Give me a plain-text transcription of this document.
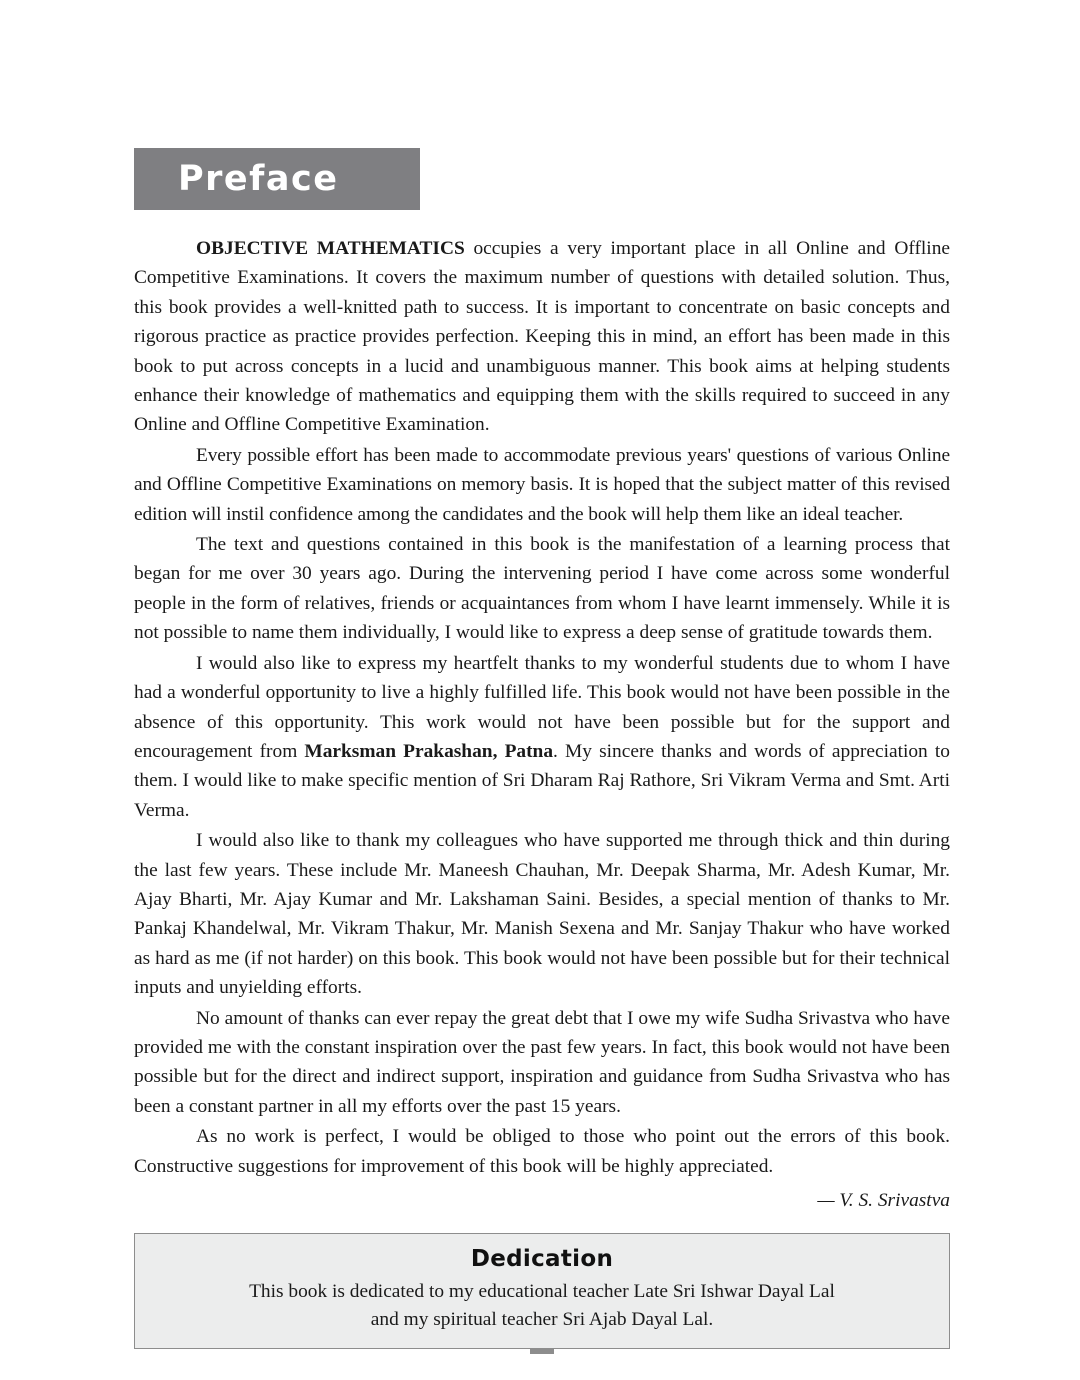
Preface

OBJECTIVE MATHEMATICS occupies a very important place in all Online and Offline Competitive Examinations. It covers the maximum number of questions with detailed solution. Thus, this book provides a well-knitted path to success. It is important to concentrate on basic concepts and rigorous practice as practice provides perfection. Keeping this in mind, an effort has been made in this book to put across concepts in a lucid and unambiguous manner. This book aims at helping students enhance their knowledge of mathematics and equipping them with the skills required to succeed in any Online and Offline Competitive Examination.

Every possible effort has been made to accommodate previous years' questions of various Online and Offline Competitive Examinations on memory basis. It is hoped that the subject matter of this revised edition will instil confidence among the candidates and the book will help them like an ideal teacher.

The text and questions contained in this book is the manifestation of a learning process that began for me over 30 years ago. During the intervening period I have come across some wonderful people in the form of relatives, friends or acquaintances from whom I have learnt immensely. While it is not possible to name them individually, I would like to express a deep sense of gratitude towards them.

I would also like to express my heartfelt thanks to my wonderful students due to whom I have had a wonderful opportunity to live a highly fulfilled life. This book would not have been possible in the absence of this opportunity. This work would not have been possible but for the support and encouragement from Marksman Prakashan, Patna. My sincere thanks and words of appreciation to them. I would like to make specific mention of Sri Dharam Raj Rathore, Sri Vikram Verma and Smt. Arti Verma.

I would also like to thank my colleagues who have supported me through thick and thin during the last few years. These include Mr. Maneesh Chauhan, Mr. Deepak Sharma, Mr. Adesh Kumar, Mr. Ajay Bharti, Mr. Ajay Kumar and Mr. Lakshaman Saini. Besides, a special mention of thanks to Mr. Pankaj Khandelwal, Mr. Vikram Thakur, Mr. Manish Sexena and Mr. Sanjay Thakur who have worked as hard as me (if not harder) on this book. This book would not have been possible but for their technical inputs and unyielding efforts.

No amount of thanks can ever repay the great debt that I owe my wife Sudha Srivastva who have provided me with the constant inspiration over the past few years. In fact, this book would not have been possible but for the direct and indirect support, inspiration and guidance from Sudha Srivastva who has been a constant partner in all my efforts over the past 15 years.

As no work is perfect, I would be obliged to those who point out the errors of this book. Constructive suggestions for improvement of this book will be highly appreciated.

— V. S. Srivastva

Dedication
This book is dedicated to my educational teacher Late Sri Ishwar Dayal Lal
and my spiritual teacher Sri Ajab Dayal Lal.
